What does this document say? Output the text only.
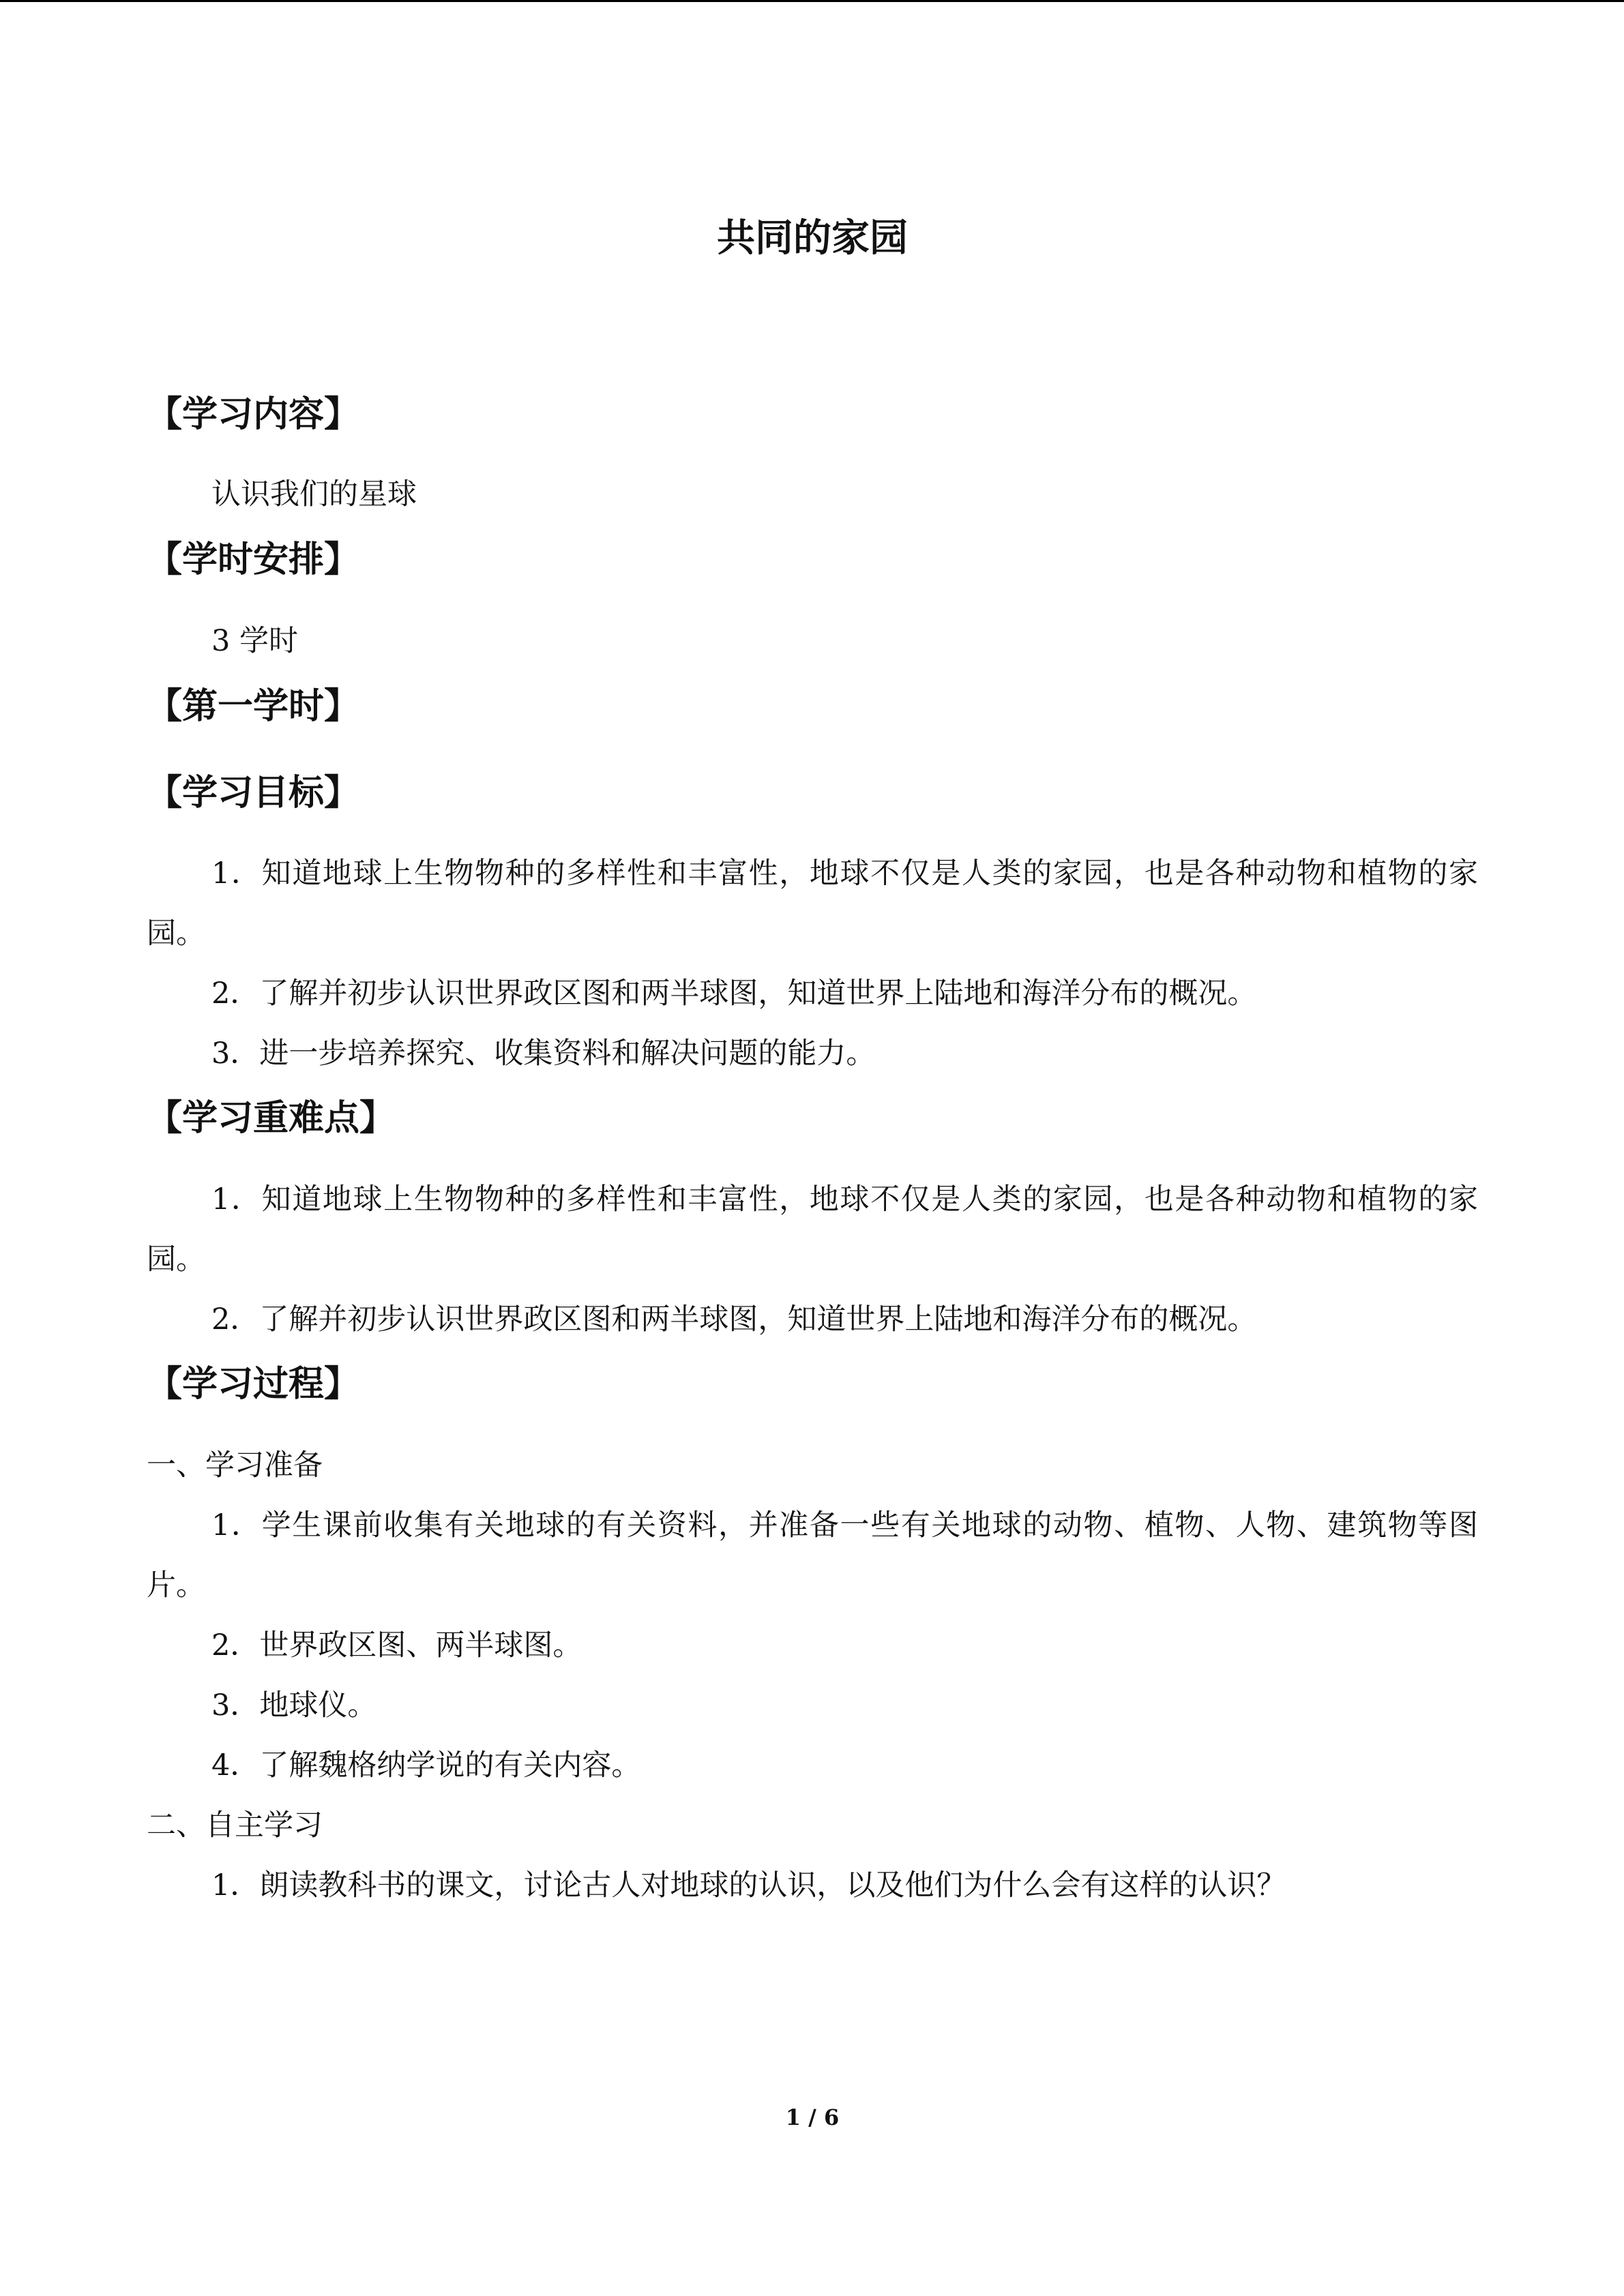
共同的家园
【学习内容】
认识我们的星球
【学时安排】
3 学时
【第一学时】
【学习目标】
1．知道地球上生物物种的多样性和丰富性，地球不仅是人类的家园，也是各种动物和植物的家园。
2．了解并初步认识世界政区图和两半球图，知道世界上陆地和海洋分布的概况。
3．进一步培养探究、收集资料和解决问题的能力。
【学习重难点】
1．知道地球上生物物种的多样性和丰富性，地球不仅是人类的家园，也是各种动物和植物的家园。
2．了解并初步认识世界政区图和两半球图，知道世界上陆地和海洋分布的概况。
【学习过程】
一、学习准备
1．学生课前收集有关地球的有关资料，并准备一些有关地球的动物、植物、人物、建筑物等图片。
2．世界政区图、两半球图。
3．地球仪。
4．了解魏格纳学说的有关内容。
二、自主学习
1．朗读教科书的课文，讨论古人对地球的认识，以及他们为什么会有这样的认识？
1 / 6
